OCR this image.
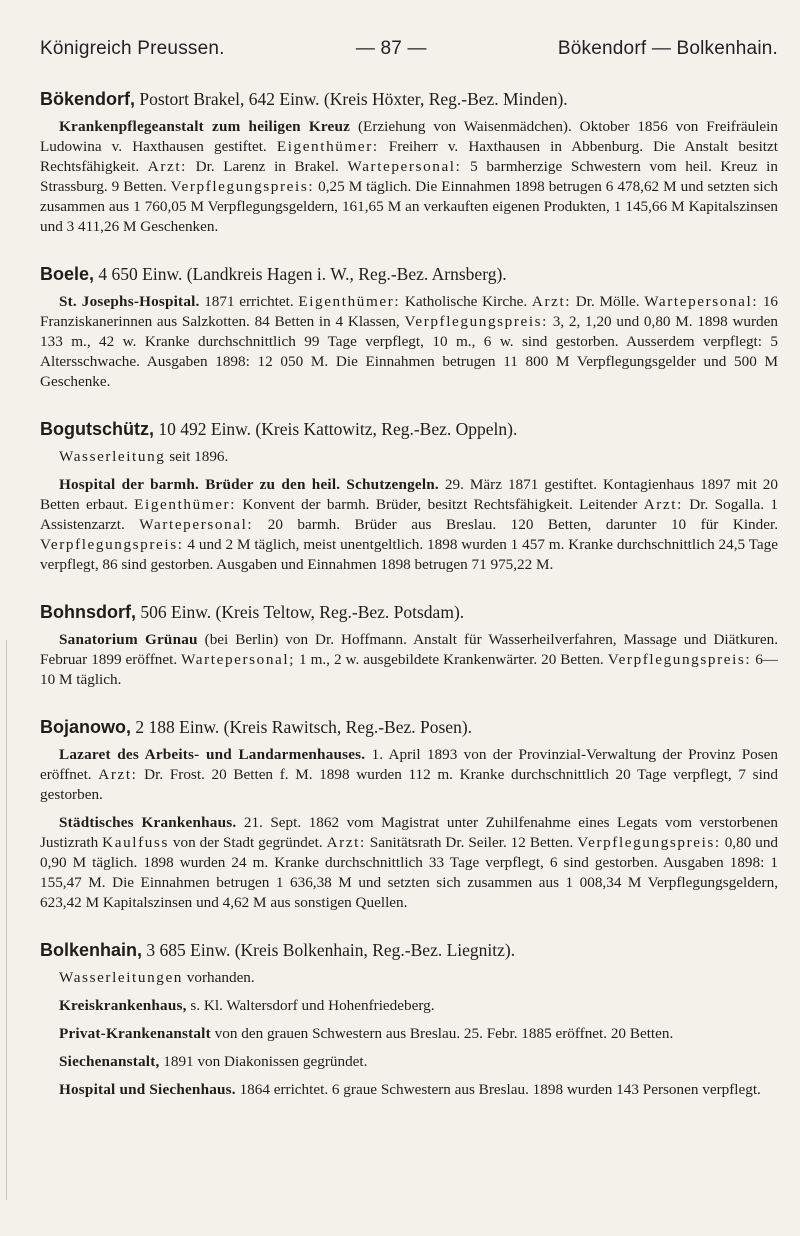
Königreich Preussen.	— 87 —	Bökendorf — Bolkenhain.
Bökendorf, Postort Brakel, 642 Einw. (Kreis Höxter, Reg.-Bez. Minden).

Krankenpflegeanstalt zum heiligen Kreuz (Erziehung von Waisenmädchen). Oktober 1856 von Freifräulein Ludowina v. Haxthausen gestiftet. Eigenthümer: Freiherr v. Haxthausen in Abbenburg. Die Anstalt besitzt Rechtsfähigkeit. Arzt: Dr. Larenz in Brakel. Wartepersonal: 5 barmherzige Schwestern vom heil. Kreuz in Strassburg. 9 Betten. Verpflegungspreis: 0,25 M täglich. Die Einnahmen 1898 betrugen 6 478,62 M und setzten sich zusammen aus 1 760,05 M Verpflegungsgeldern, 161,65 M an verkauften eigenen Produkten, 1 145,66 M Kapitalszinsen und 3 411,26 M Geschenken.

Boele, 4 650 Einw. (Landkreis Hagen i. W., Reg.-Bez. Arnsberg).

St. Josephs-Hospital. 1871 errichtet. Eigenthümer: Katholische Kirche. Arzt: Dr. Mölle. Wartepersonal: 16 Franziskanerinnen aus Salzkotten. 84 Betten in 4 Klassen, Verpflegungspreis: 3, 2, 1,20 und 0,80 M. 1898 wurden 133 m., 42 w. Kranke durchschnittlich 99 Tage verpflegt, 10 m., 6 w. sind gestorben. Ausserdem verpflegt: 5 Altersschwache. Ausgaben 1898: 12 050 M. Die Einnahmen betrugen 11 800 M Verpflegungsgelder und 500 M Geschenke.

Bogutschütz, 10 492 Einw. (Kreis Kattowitz, Reg.-Bez. Oppeln).

Wasserleitung seit 1896.

Hospital der barmh. Brüder zu den heil. Schutzengeln. 29. März 1871 gestiftet. Kontagienhaus 1897 mit 20 Betten erbaut. Eigenthümer: Konvent der barmh. Brüder, besitzt Rechtsfähigkeit. Leitender Arzt: Dr. Sogalla. 1 Assistenzarzt. Wartepersonal: 20 barmh. Brüder aus Breslau. 120 Betten, darunter 10 für Kinder. Verpflegungspreis: 4 und 2 M täglich, meist unentgeltlich. 1898 wurden 1 457 m. Kranke durchschnittlich 24,5 Tage verpflegt, 86 sind gestorben. Ausgaben und Einnahmen 1898 betrugen 71 975,22 M.

Bohnsdorf, 506 Einw. (Kreis Teltow, Reg.-Bez. Potsdam).

Sanatorium Grünau (bei Berlin) von Dr. Hoffmann. Anstalt für Wasserheilverfahren, Massage und Diätkuren. Februar 1899 eröffnet. Wartepersonal; 1 m., 2 w. ausgebildete Krankenwärter. 20 Betten. Verpflegungspreis: 6—10 M täglich.

Bojanowo, 2 188 Einw. (Kreis Rawitsch, Reg.-Bez. Posen).

Lazaret des Arbeits- und Landarmenhauses. 1. April 1893 von der Provinzial-Verwaltung der Provinz Posen eröffnet. Arzt: Dr. Frost. 20 Betten f. M. 1898 wurden 112 m. Kranke durchschnittlich 20 Tage verpflegt, 7 sind gestorben.

Städtisches Krankenhaus. 21. Sept. 1862 vom Magistrat unter Zuhilfenahme eines Legats vom verstorbenen Justizrath Kaulfuss von der Stadt gegründet. Arzt: Sanitätsrath Dr. Seiler. 12 Betten. Verpflegungspreis: 0,80 und 0,90 M täglich. 1898 wurden 24 m. Kranke durchschnittlich 33 Tage verpflegt, 6 sind gestorben. Ausgaben 1898: 1 155,47 M. Die Einnahmen betrugen 1 636,38 M und setzten sich zusammen aus 1 008,34 M Verpflegungsgeldern, 623,42 M Kapitalszinsen und 4,62 M aus sonstigen Quellen.

Bolkenhain, 3 685 Einw. (Kreis Bolkenhain, Reg.-Bez. Liegnitz).

Wasserleitungen vorhanden.

Kreiskrankenhaus, s. Kl. Waltersdorf und Hohenfriedeberg.

Privat-Krankenanstalt von den grauen Schwestern aus Breslau. 25. Febr. 1885 eröffnet. 20 Betten.

Siechenanstalt, 1891 von Diakonissen gegründet.

Hospital und Siechenhaus. 1864 errichtet. 6 graue Schwestern aus Breslau. 1898 wurden 143 Personen verpflegt.
